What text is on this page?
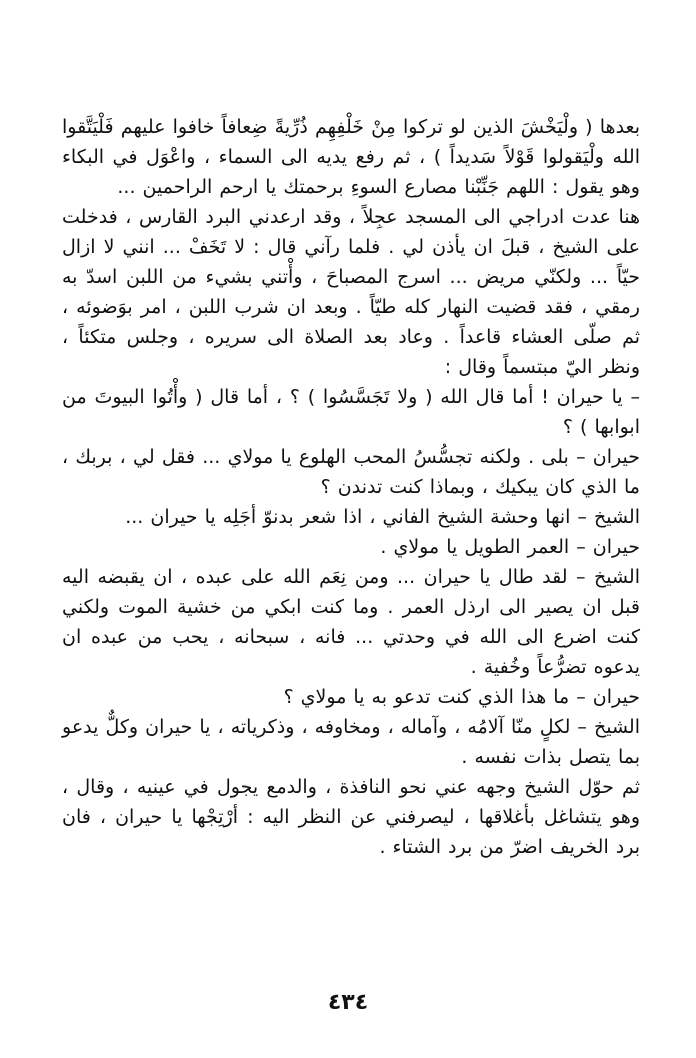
بعدها ( ولْيَخْشَ الذين لو تركوا مِنْ خَلْفِهِم ذُرِّيةً ضِعافاً خافوا عليهم فَلْيَتَّقوا الله ولْيَقولوا قَوْلاً سَديداً ) ، ثم رفع يديه الى السماء ، واعْوَل في البكاء وهو يقول : اللهم جَنِّبْنا مصارع السوءِ برحمتك يا ارحم الراحمين ...

هنا عدت ادراجي الى المسجد عجِلاً ، وقد ارعدني البرد القارس ، فدخلت على الشيخ ، قبلَ ان يأذن لي . فلما رآني قال : لا تَخَفْ ... انني لا ازال حيّاً ... ولكنّي مريض ... اسرج المصباحَ ، وأْتني بشيء من اللبن اسدّ به رمقي ، فقد قضيت النهار كله طيّاً . وبعد ان شرب اللبن ، امر بوَضوئه ، ثم صلّى العشاء قاعداً . وعاد بعد الصلاة الى سريره ، وجلس متكئاً ، ونظر اليّ مبتسماً وقال :

– يا حيران ! أما قال الله ( ولا تَجَسَّسُوا ) ؟ ، أما قال ( وأْتُوا البيوتَ من ابوابها ) ؟

حيران – بلى . ولكنه تجسُّسُ المحب الهلوع يا مولاي ... فقل لي ، بربك ، ما الذي كان يبكيك ، وبماذا كنت تدندن ؟

الشيخ – انها وحشة الشيخ الفاني ، اذا شعر بدنوّ أجَلِه يا حيران ...

حيران – العمر الطويل يا مولاي .

الشيخ – لقد طال يا حيران ... ومن نِعَم الله على عبده ، ان يقبضه اليه قبل ان يصير الى ارذل العمر . وما كنت ابكي من خشية الموت ولكني كنت اضرع الى الله في وحدتي ... فانه ، سبحانه ، يحب من عبده ان يدعوه تضرُّعاً وخُفية .

حيران – ما هذا الذي كنت تدعو به يا مولاي ؟

الشيخ – لكلٍ منّا آلامُه ، وآماله ، ومخاوفه ، وذكرياته ، يا حيران وكلٌّ يدعو بما يتصل بذات نفسه .

ثم حوّل الشيخ وجهه عني نحو النافذة ، والدمع يجول في عينيه ، وقال ، وهو يتشاغل بأغلاقها ، ليصرفني عن النظر اليه : أرْتِجْها يا حيران ، فان برد الخريف اضرّ من برد الشتاء .

٤٣٤
